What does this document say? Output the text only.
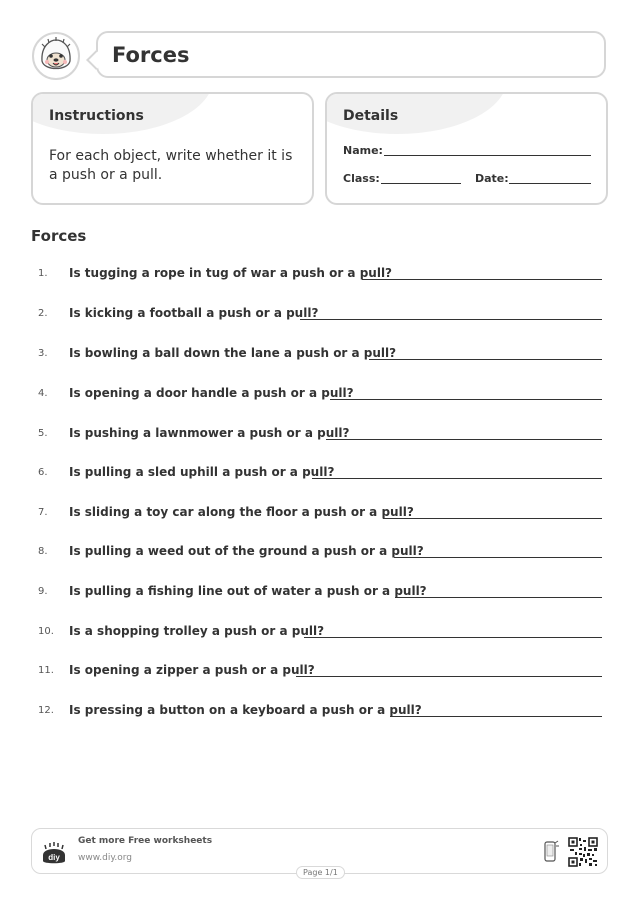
Forces
Instructions
For each object, write whether it is a push or a pull.
Details
Name:
Class:	Date:
Forces
1. Is tugging a rope in tug of war a push or a pull?
2. Is kicking a football a push or a pull?
3. Is bowling a ball down the lane a push or a pull?
4. Is opening a door handle a push or a pull?
5. Is pushing a lawnmower a push or a pull?
6. Is pulling a sled uphill a push or a pull?
7. Is sliding a toy car along the floor a push or a pull?
8. Is pulling a weed out of the ground a push or a pull?
9. Is pulling a fishing line out of water a push or a pull?
10. Is a shopping trolley a push or a pull?
11. Is opening a zipper a push or a pull?
12. Is pressing a button on a keyboard a push or a pull?
diy
Get more Free worksheets
www.diy.org
Page 1/1
